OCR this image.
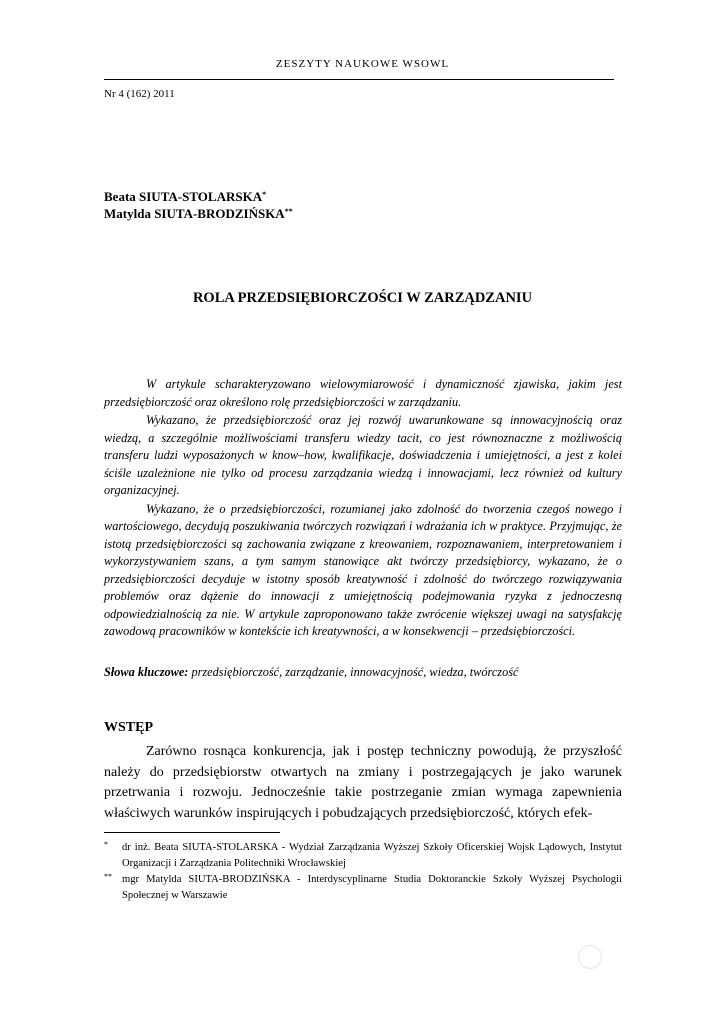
ZESZYTY NAUKOWE WSOWL
Nr 4 (162) 2011
Beata SIUTA-STOLARSKA*
Matylda SIUTA-BRODZIŃSKA**
ROLA PRZEDSIĘBIORCZOŚCI W ZARZĄDZANIU

W artykule scharakteryzowano wielowymiarowość i dynamiczność zjawiska, jakim jest przedsiębiorczość oraz określono rolę przedsiębiorczości w zarządzaniu.

Wykazano, że przedsiębiorczość oraz jej rozwój uwarunkowane są innowacyjnością oraz wiedzą, a szczególnie możliwościami transferu wiedzy tacit, co jest równoznaczne z możliwością transferu ludzi wyposażonych w know–how, kwalifikacje, doświadczenia i umiejętności, a jest z kolei ściśle uzależnione nie tylko od procesu zarządzania wiedzą i innowacjami, lecz również od kultury organizacyjnej.

Wykazano, że o przedsiębiorczości, rozumianej jako zdolność do tworzenia czegoś nowego i wartościowego, decydują poszukiwania twórczych rozwiązań i wdrażania ich w praktyce. Przyjmując, że istotą przedsiębiorczości są zachowania związane z kreowaniem, rozpoznawaniem, interpretowaniem i wykorzystywaniem szans, a tym samym stanowiące akt twórczy przedsiębiorcy, wykazano, że o przedsiębiorczości decyduje w istotny sposób kreatywność i zdolność do twórczego rozwiązywania problemów oraz dążenie do innowacji z umiejętnością podejmowania ryzyka z jednoczesną odpowiedzialnością za nie. W artykule zaproponowano także zwrócenie większej uwagi na satysfakcję zawodową pracowników w kontekście ich kreatywności, a w konsekwencji – przedsiębiorczości.

Słowa kluczowe: przedsiębiorczość, zarządzanie, innowacyjność, wiedza, twórczość
WSTĘP

Zarówno rosnąca konkurencja, jak i postęp techniczny powodują, że przyszłość należy do przedsiębiorstw otwartych na zmiany i postrzegających je jako warunek przetrwania i rozwoju. Jednocześnie takie postrzeganie zmian wymaga zapewnienia właściwych warunków inspirujących i pobudzających przedsiębiorczość, których efek-

* dr inż. Beata SIUTA-STOLARSKA - Wydział Zarządzania Wyższej Szkoły Oficerskiej Wojsk Lądowych, Instytut Organizacji i Zarządzania Politechniki Wrocławskiej
** mgr Matylda SIUTA-BRODZIŃSKA - Interdyscyplinarne Studia Doktoranckie Szkoły Wyższej Psychologii Społecznej w Warszawie
